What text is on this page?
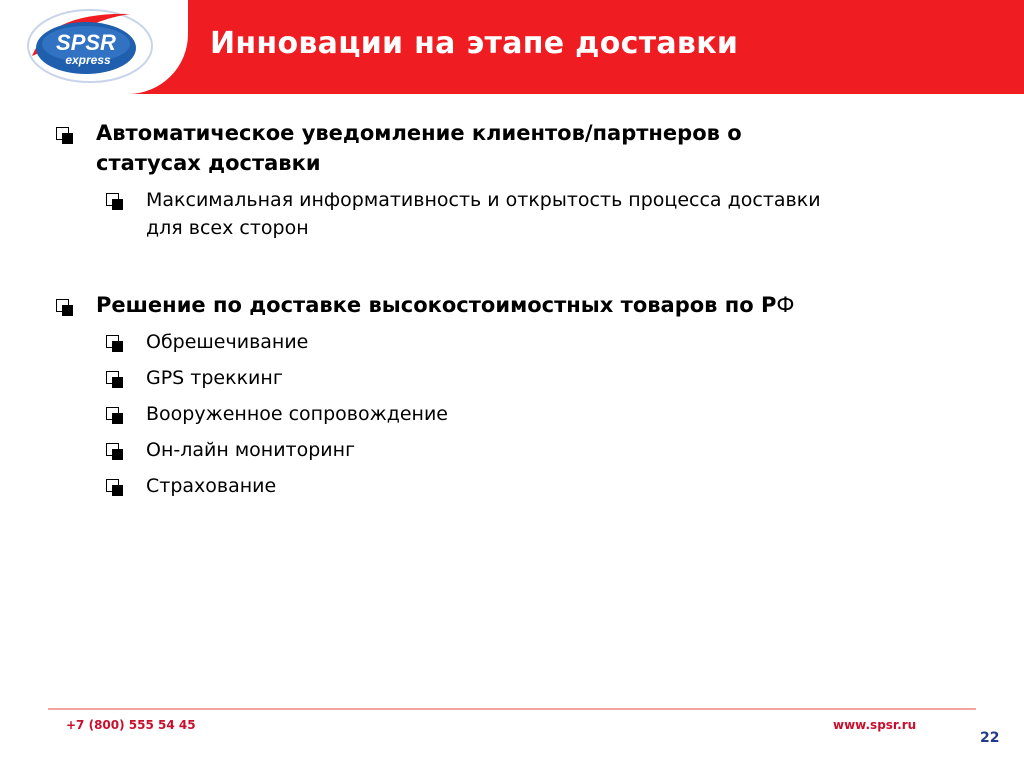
SPSR
express	Инновации на этапе доставки
Автоматическое уведомление клиентов/партнеров о
статусах доставки
Максимальная информативность и открытость процесса доставки
для всех сторон
Решение по доставке высокостоимостных товаров по РФ
Обрешечивание
GPS треккинг
Вооруженное сопровождение
Он-лайн мониторинг
Страхование
+7 (800) 555 54 45	www.spsr.ru
22
